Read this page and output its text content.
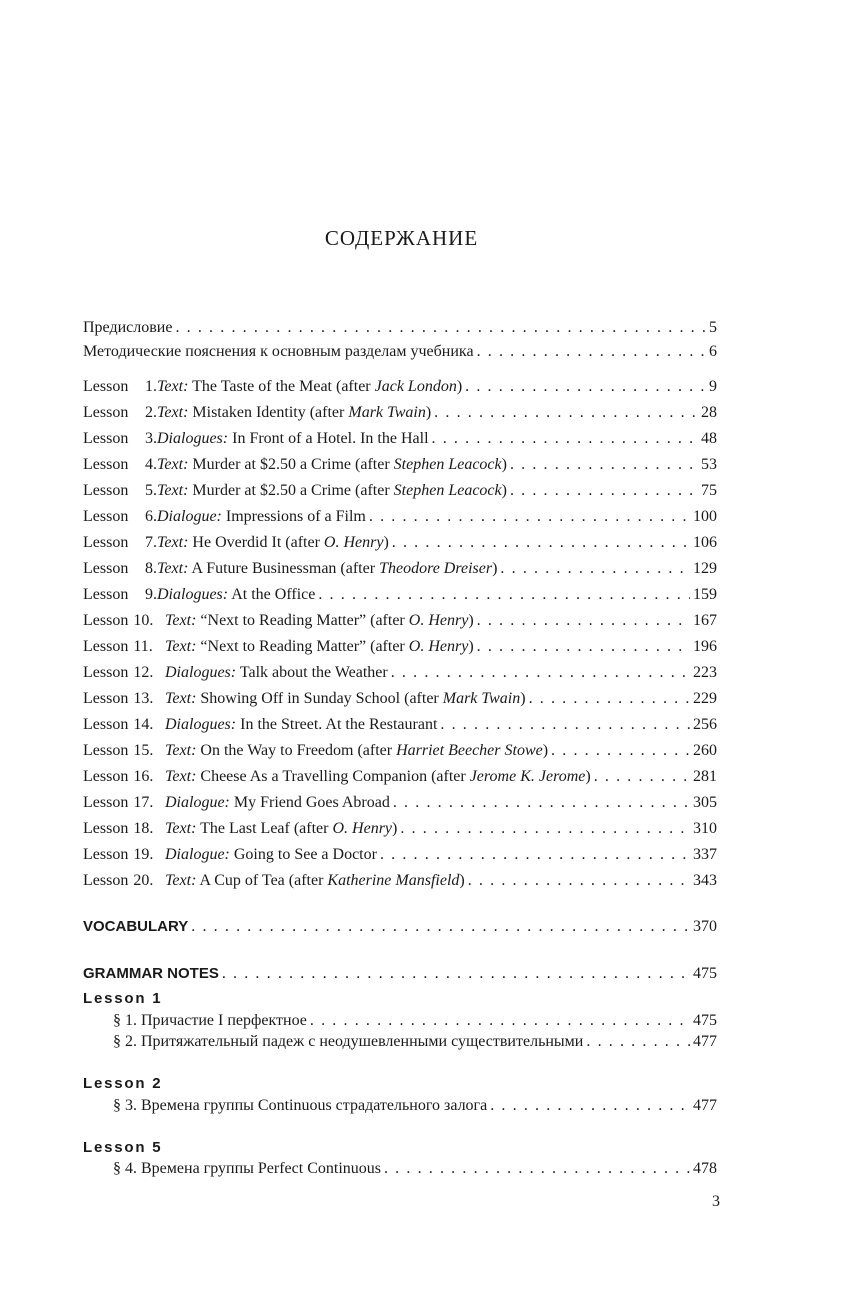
СОДЕРЖАНИЕ
Предисловие . . .	5
Методические пояснения к основным разделам учебника . . .	6
Lesson 1. Text: The Taste of the Meat (after Jack London) . . .	9
Lesson 2. Text: Mistaken Identity (after Mark Twain) . . .	28
Lesson 3. Dialogues: In Front of a Hotel. In the Hall . . .	48
Lesson 4. Text: Murder at $2.50 a Crime (after Stephen Leacock) . . .	53
Lesson 5. Text: Murder at $2.50 a Crime (after Stephen Leacock) . . .	75
Lesson 6. Dialogue: Impressions of a Film . . .	100
Lesson 7. Text: He Overdid It (after O. Henry) . . .	106
Lesson 8. Text: A Future Businessman (after Theodore Dreiser) . . .	129
Lesson 9. Dialogues: At the Office . . .	159
Lesson 10. Text: “Next to Reading Matter” (after O. Henry) . . .	167
Lesson 11. Text: “Next to Reading Matter” (after O. Henry) . . .	196
Lesson 12. Dialogues: Talk about the Weather . . .	223
Lesson 13. Text: Showing Off in Sunday School (after Mark Twain) . . .	229
Lesson 14. Dialogues: In the Street. At the Restaurant . . .	256
Lesson 15. Text: On the Way to Freedom (after Harriet Beecher Stowe) . . .	260
Lesson 16. Text: Cheese As a Travelling Companion (after Jerome K. Jerome) . . .	281
Lesson 17. Dialogue: My Friend Goes Abroad . . .	305
Lesson 18. Text: The Last Leaf (after O. Henry) . . .	310
Lesson 19. Dialogue: Going to See a Doctor . . .	337
Lesson 20. Text: A Cup of Tea (after Katherine Mansfield) . . .	343
VOCABULARY . . .	370
GRAMMAR NOTES . . .	475
Lesson 1
§ 1. Причастие I перфектное . . .	475
§ 2. Притяжательный падеж с неодушевленными существительными . . .	477
Lesson 2
§ 3. Времена группы Continuous страдательного залога . . .	477
Lesson 5
§ 4. Времена группы Perfect Continuous . . .	478
3
